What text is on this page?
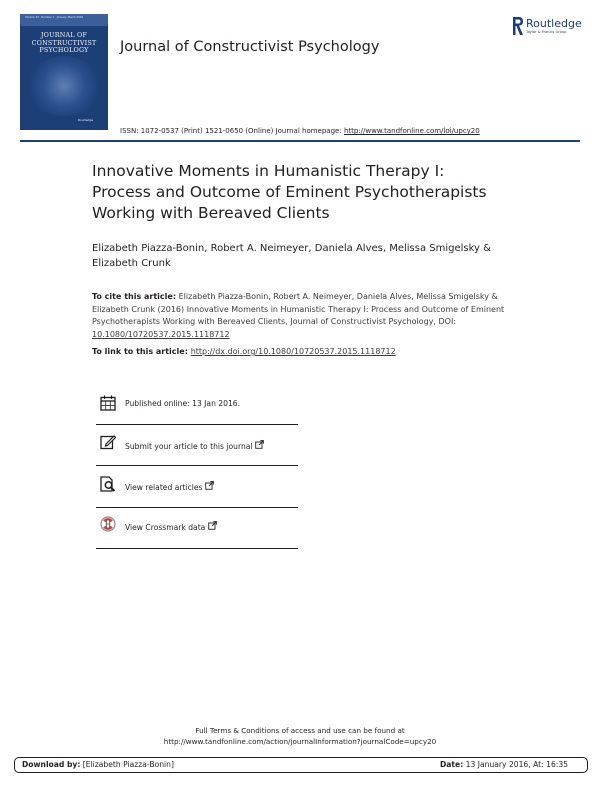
Volume 29 · Number 1 · January–March 2016
JOURNAL OF
CONSTRUCTIVIST
PSYCHOLOGY
Routledge
Journal of Constructivist Psychology
Routledge
Taylor & Francis Group
ISSN: 1072-0537 (Print) 1521-0650 (Online) Journal homepage: http://www.tandfonline.com/loi/upcy20
Innovative Moments in Humanistic Therapy I: Process and Outcome of Eminent Psychotherapists Working with Bereaved Clients
Elizabeth Piazza-Bonin, Robert A. Neimeyer, Daniela Alves, Melissa Smigelsky & Elizabeth Crunk
To cite this article: Elizabeth Piazza-Bonin, Robert A. Neimeyer, Daniela Alves, Melissa Smigelsky & Elizabeth Crunk (2016) Innovative Moments in Humanistic Therapy I: Process and Outcome of Eminent Psychotherapists Working with Bereaved Clients, Journal of Constructivist Psychology, DOI: 10.1080/10720537.2015.1118712
To link to this article: http://dx.doi.org/10.1080/10720537.2015.1118712
Published online: 13 Jan 2016.
Submit your article to this journal
View related articles
View Crossmark data
Full Terms & Conditions of access and use can be found at
http://www.tandfonline.com/action/journalInformation?journalCode=upcy20
Download by: [Elizabeth Piazza-Bonin]	Date: 13 January 2016, At: 16:35
